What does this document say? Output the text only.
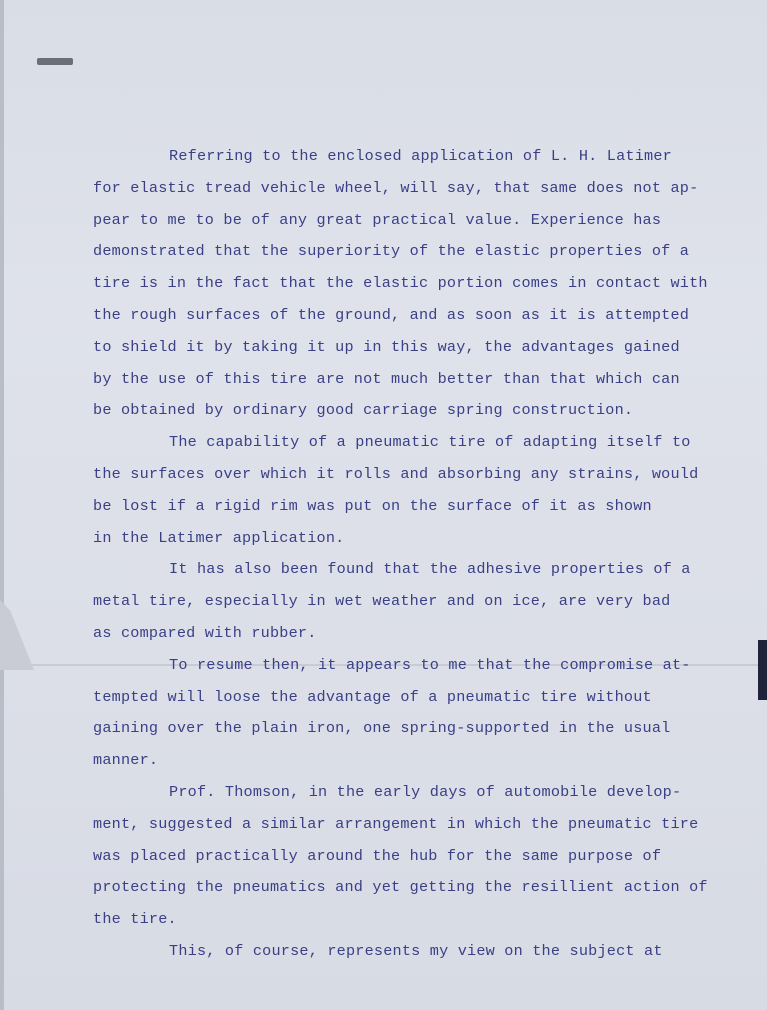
Referring to the enclosed application of L. H. Latimer
for elastic tread vehicle wheel, will say, that same does not ap-
pear to me to be of any great practical value. Experience has
demonstrated that the superiority of the elastic properties of a
tire is in the fact that the elastic portion comes in contact with
the rough surfaces of the ground, and as soon as it is attempted
to shield it by taking it up in this way, the advantages gained
by the use of this tire are not much better than that which can
be obtained by ordinary good carriage spring construction.
The capability of a pneumatic tire of adapting itself to
the surfaces over which it rolls and absorbing any strains, would
be lost if a rigid rim was put on the surface of it as shown
in the Latimer application.
It has also been found that the adhesive properties of a
metal tire, especially in wet weather and on ice, are very bad
as compared with rubber.
To resume then, it appears to me that the compromise at-
tempted will loose the advantage of a pneumatic tire without
gaining over the plain iron, one spring-supported in the usual
manner.
Prof. Thomson, in the early days of automobile develop-
ment, suggested a similar arrangement in which the pneumatic tire
was placed practically around the hub for the same purpose of
protecting the pneumatics and yet getting the resillient action of
the tire.
This, of course, represents my view on the subject at
